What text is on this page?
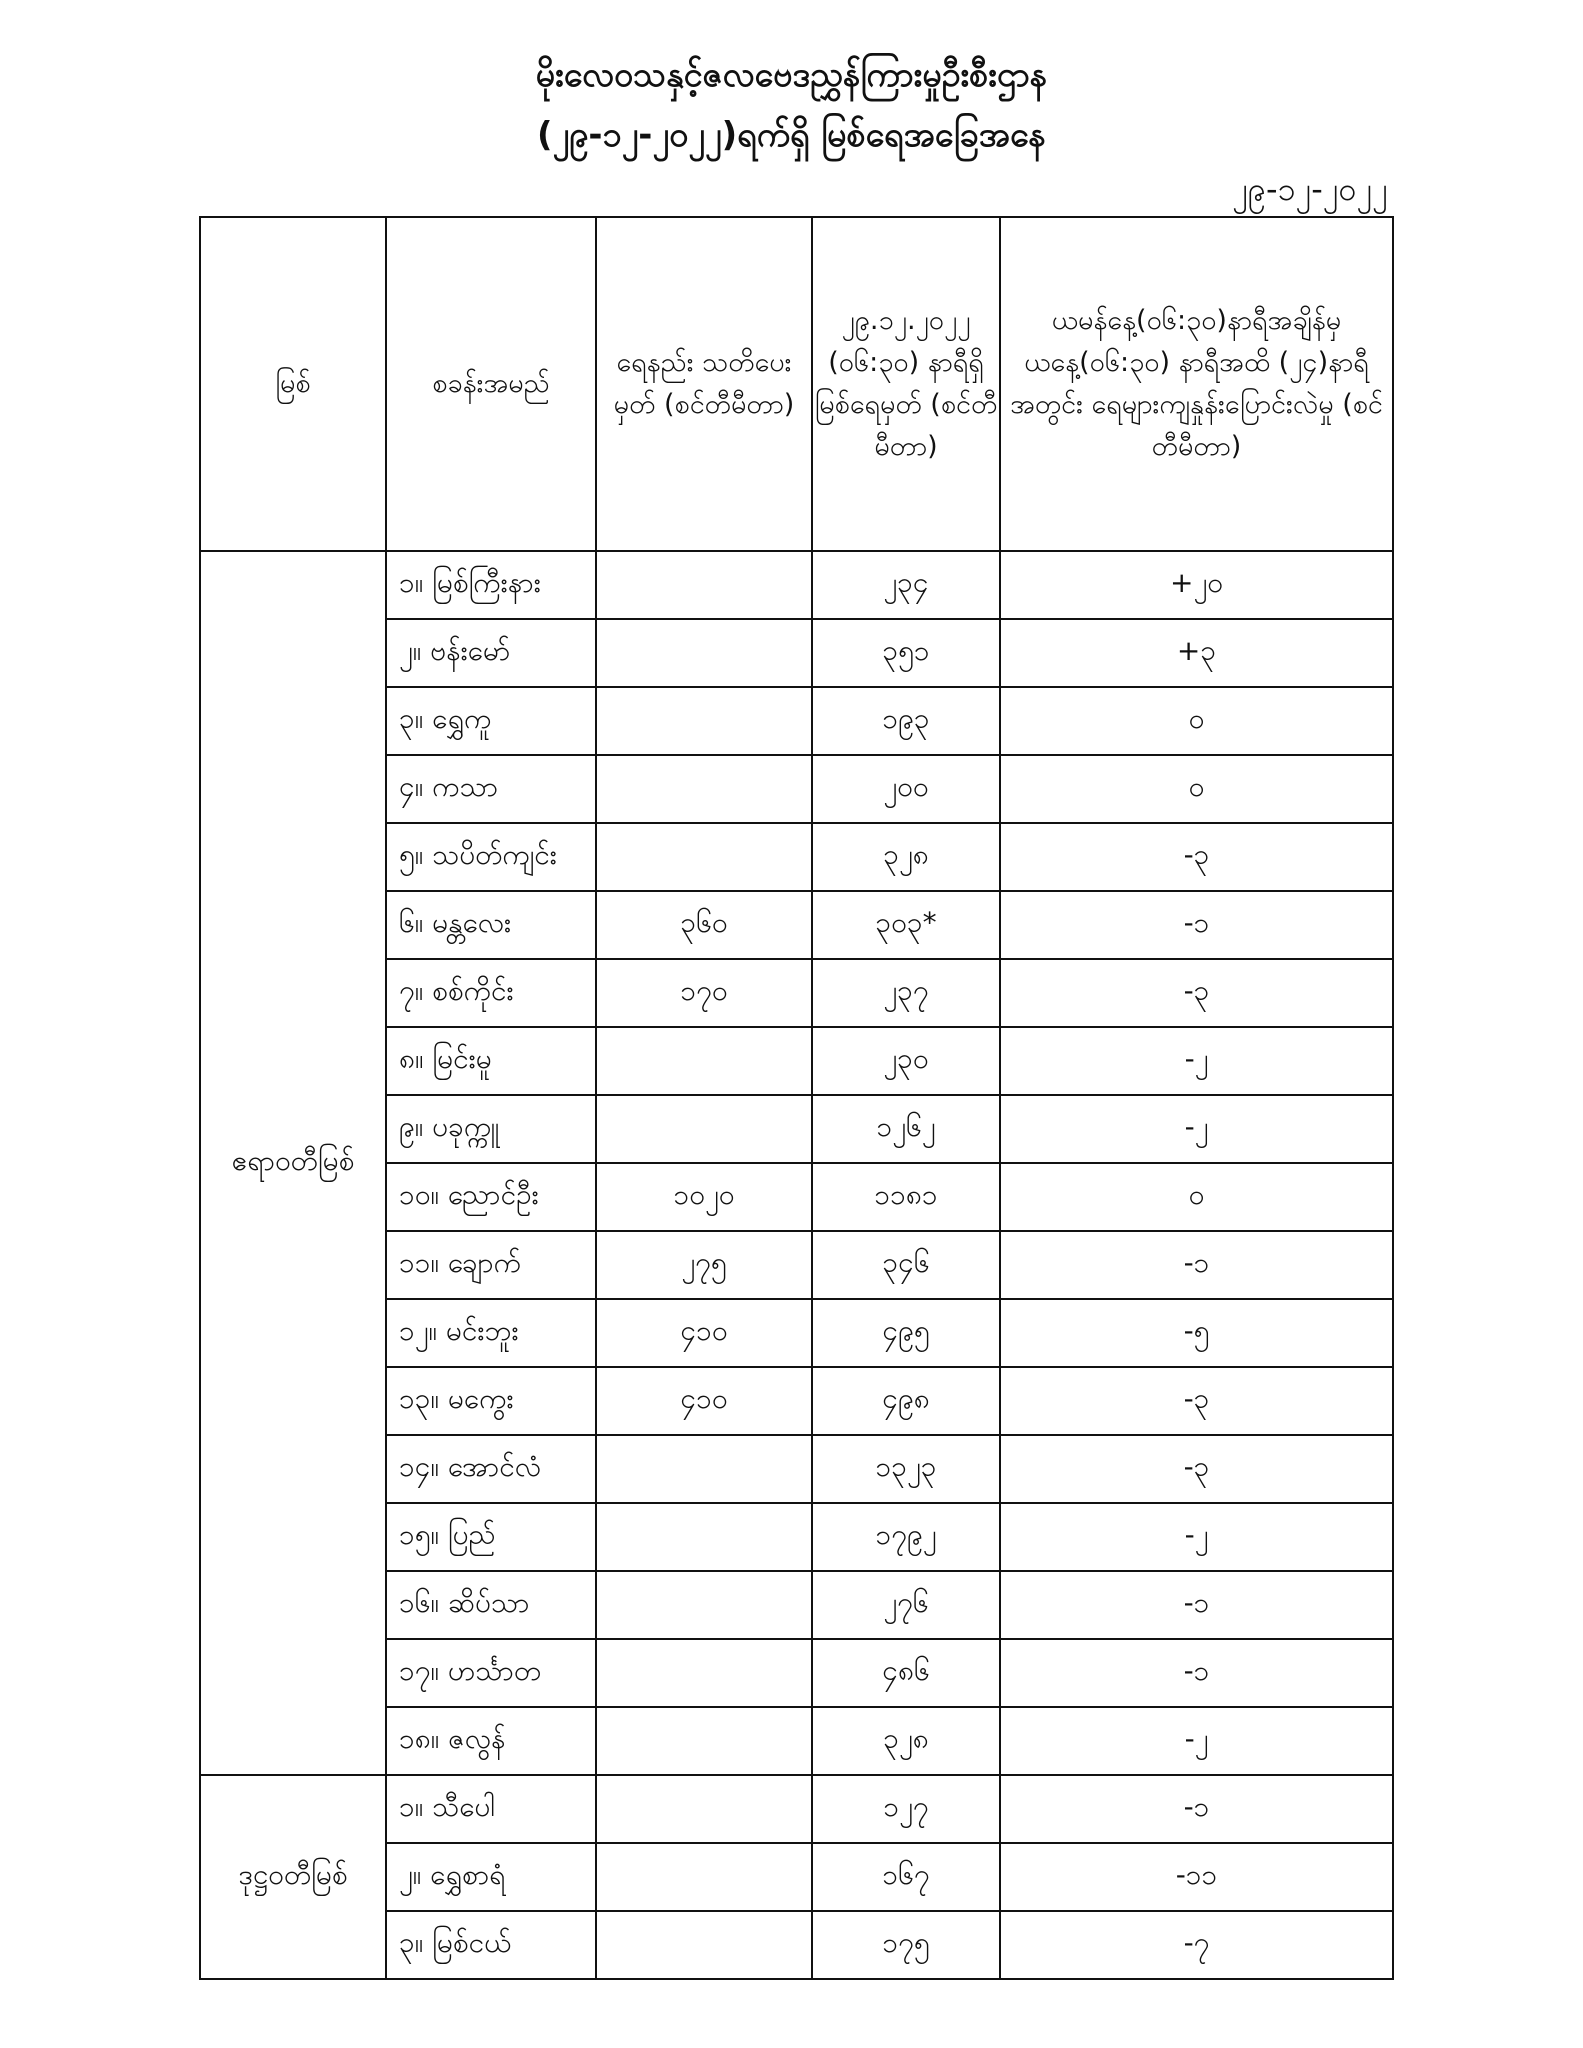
မိုးလေဝသနှင့်ဇလဗေဒညွှန်ကြားမှုဦးစီးဌာန
(၂၉-၁၂-၂၀၂၂)ရက်ရှိ မြစ်ရေအခြေအနေ
၂၉-၁၂-၂၀၂၂
မြစ်	စခန်းအမည်	ရေနည်း သတိပေးမှတ် (စင်တီမီတာ)	၂၉.၁၂.၂၀၂၂ (၀၆:၃၀) နာရီရှိ မြစ်ရေမှတ် (စင်တီမီတာ)	ယမန်နေ့(၀၆:၃၀)နာရီအချိန်မှ ယနေ့(၀၆:၃၀) နာရီအထိ (၂၄)နာရီအတွင်း ရေများကျနှုန်းပြောင်းလဲမှု (စင်တီမီတာ)
ဧရာဝတီမြစ်	၁။ မြစ်ကြီးနား		၂၃၄	+၂၀
	၂။ ဗန်းမော်		၃၅၁	+၃
	၃။ ရွှေကူ		၁၉၃	၀
	၄။ ကသာ		၂၀၀	၀
	၅။ သပိတ်ကျင်း		၃၂၈	-၃
	၆။ မန္တလေး	၃၆၀	၃၀၃*	-၁
	၇။ စစ်ကိုင်း	၁၇၀	၂၃၇	-၃
	၈။ မြင်းမူ		၂၃၀	-၂
	၉။ ပခုက္ကူ		၁၂၆၂	-၂
	၁၀။ ညောင်ဦး	၁၀၂၀	၁၁၈၁	၀
	၁၁။ ချောက်	၂၇၅	၃၄၆	-၁
	၁၂။ မင်းဘူး	၄၁၀	၄၉၅	-၅
	၁၃။ မကွေး	၄၁၀	၄၉၈	-၃
	၁၄။ အောင်လံ		၁၃၂၃	-၃
	၁၅။ ပြည်		၁၇၉၂	-၂
	၁၆။ ဆိပ်သာ		၂၇၆	-၁
	၁၇။ ဟင်္သာတ		၄၈၆	-၁
	၁၈။ ဇလွန်		၃၂၈	-၂
ဒုဋ္ဌဝတီမြစ်	၁။ သီပေါ		၁၂၇	-၁
	၂။ ရွှေစာရံ		၁၆၇	-၁၁
	၃။ မြစ်ငယ်		၁၇၅	-၇
